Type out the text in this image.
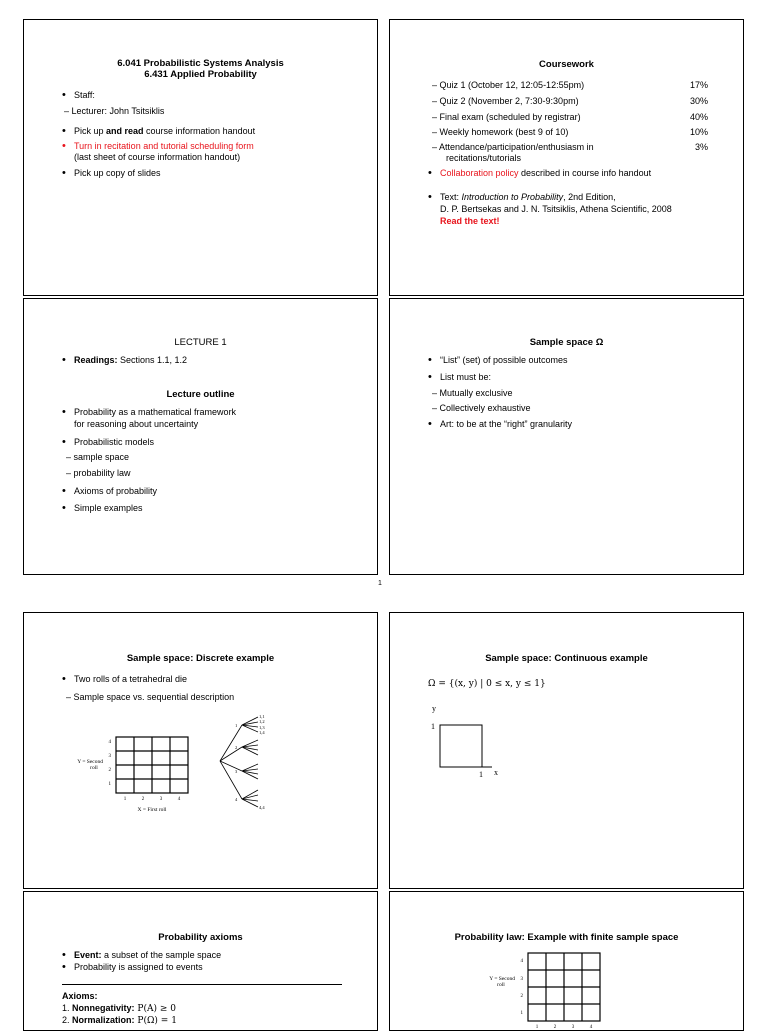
6.041 Probabilistic Systems Analysis
6.431 Applied Probability
• Staff:
– Lecturer: John Tsitsiklis
• Pick up and read course information handout
• Turn in recitation and tutorial scheduling form
(last sheet of course information handout)
• Pick up copy of slides
Coursework
– Quiz 1 (October 12, 12:05-12:55pm)	17%
– Quiz 2 (November 2, 7:30-9:30pm)	30%
– Final exam (scheduled by registrar)	40%
– Weekly homework (best 9 of 10)	10%
– Attendance/participation/enthusiasm in	3%
recitations/tutorials
• Collaboration policy described in course info handout
• Text: Introduction to Probability, 2nd Edition,
D. P. Bertsekas and J. N. Tsitsiklis, Athena Scientific, 2008
Read the text!
LECTURE 1
• Readings: Sections 1.1, 1.2
Lecture outline
• Probability as a mathematical framework
for reasoning about uncertainty
• Probabilistic models
– sample space
– probability law
• Axioms of probability
• Simple examples
Sample space Ω
• “List” (set) of possible outcomes
• List must be:
– Mutually exclusive
– Collectively exhaustive
• Art: to be at the “right” granularity
1
Sample space: Discrete example
• Two rolls of a tetrahedral die
– Sample space vs. sequential description
4
3
2
1
1	2	3	4
Y = Second
roll
X = First roll
1
2
3
4
1,1
1,2
1,3
1,4
4,4
Sample space: Continuous example
Ω = {(x, y) | 0 ≤ x, y ≤ 1}
y
1
1 x
Probability axioms
• Event: a subset of the sample space
• Probability is assigned to events
Axioms:
1. Nonnegativity: P(A) ≥ 0
2. Normalization: P(Ω) = 1
Probability law: Example with finite sample space
4
3
2
1
1	2	3	4
Y = Second
roll
